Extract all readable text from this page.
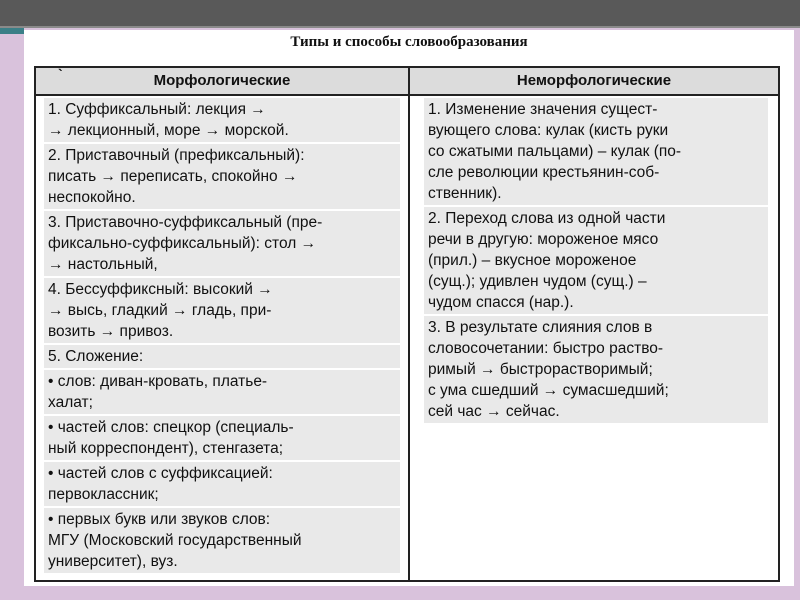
Типы и способы словообразования
`	Морфологические	Неморфологические
1. Суффиксальный: лекция →
→ лекционный, море → морской.
2. Приставочный (префиксальный):
писать → переписать, спокойно →
неспокойно.
3. Приставочно-суффиксальный (пре-
фиксально-суффиксальный): стол →
→ настольный,
4. Бессуффиксный: высокий →
→ высь, гладкий → гладь, при-
возить → привоз.
5. Сложение:
• слов: диван-кровать, платье-
халат;
• частей слов: спецкор (специаль-
ный корреспондент), стенгазета;
• частей слов с суффиксацией:
первоклассник;
• первых букв или звуков слов:
МГУ (Московский государственный
университет), вуз.
1. Изменение значения сущест-
вующего слова: кулак (кисть руки
со сжатыми пальцами) – кулак (по-
сле революции крестьянин-соб-
ственник).
2. Переход слова из одной части
речи в другую: мороженое мясо
(прил.) – вкусное мороженое
(сущ.); удивлен чудом (сущ.) –
чудом спасся (нар.).
3. В результате слияния слов в
словосочетании: быстро раство-
римый → быстрорастворимый;
с ума сшедший → сумасшедший;
сей час → сейчас.
